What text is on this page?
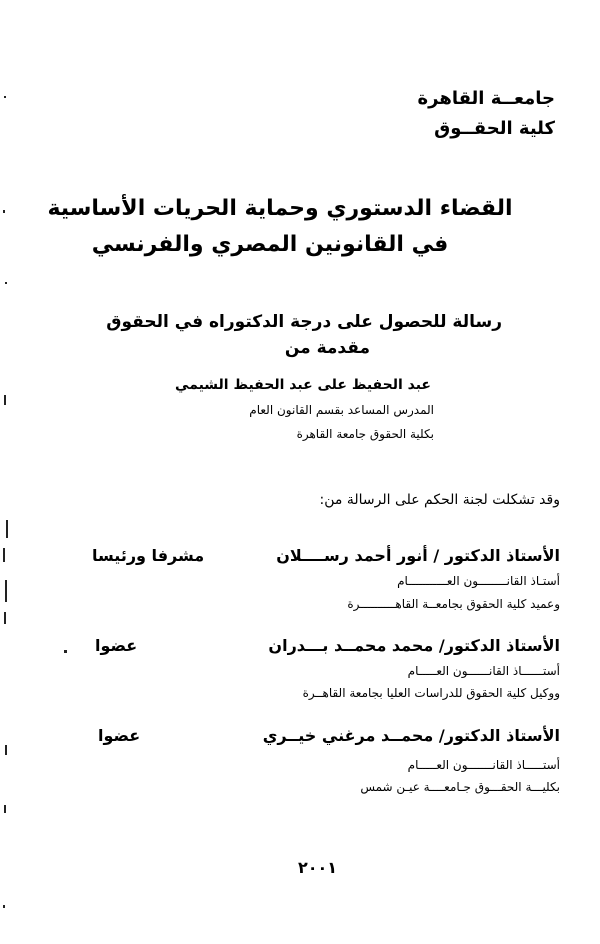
جامعــة القاهرة
كلية الحقــوق
القضاء الدستوري وحماية الحريات الأساسية
في القانونين المصري والفرنسي
رسالة للحصول على درجة الدكتوراه في الحقوق
مقدمة من
عبد الحفيظ على عبد الحفيظ الشيمي
المدرس المساعد بقسم القانون العام
بكلية الحقوق جامعة القاهرة
وقد تشكلت لجنة الحكم على الرسالة من:
الأستاذ الدكتور / أنور أحمد رســــلان
مشرفا ورئيسا
أستـاذ القانــــــــون العـــــــــــام
وعميد كلية الحقوق بجامعــة القاهــــــــــرة
الأستاذ الدكتور/ محمد محمــد بـــدران
عضوا
أستــــــاذ القانــــــون العـــــام
ووكيل كلية الحقوق للدراسات العليا بجامعة القاهــرة
الأستاذ الدكتور/ محمــد مرغني خيــري
عضوا
أستـــــاذ القانـــــــون العـــــام
بكليـــة الحقـــوق جـامعــــة عيـن شمس
٢٠٠١
